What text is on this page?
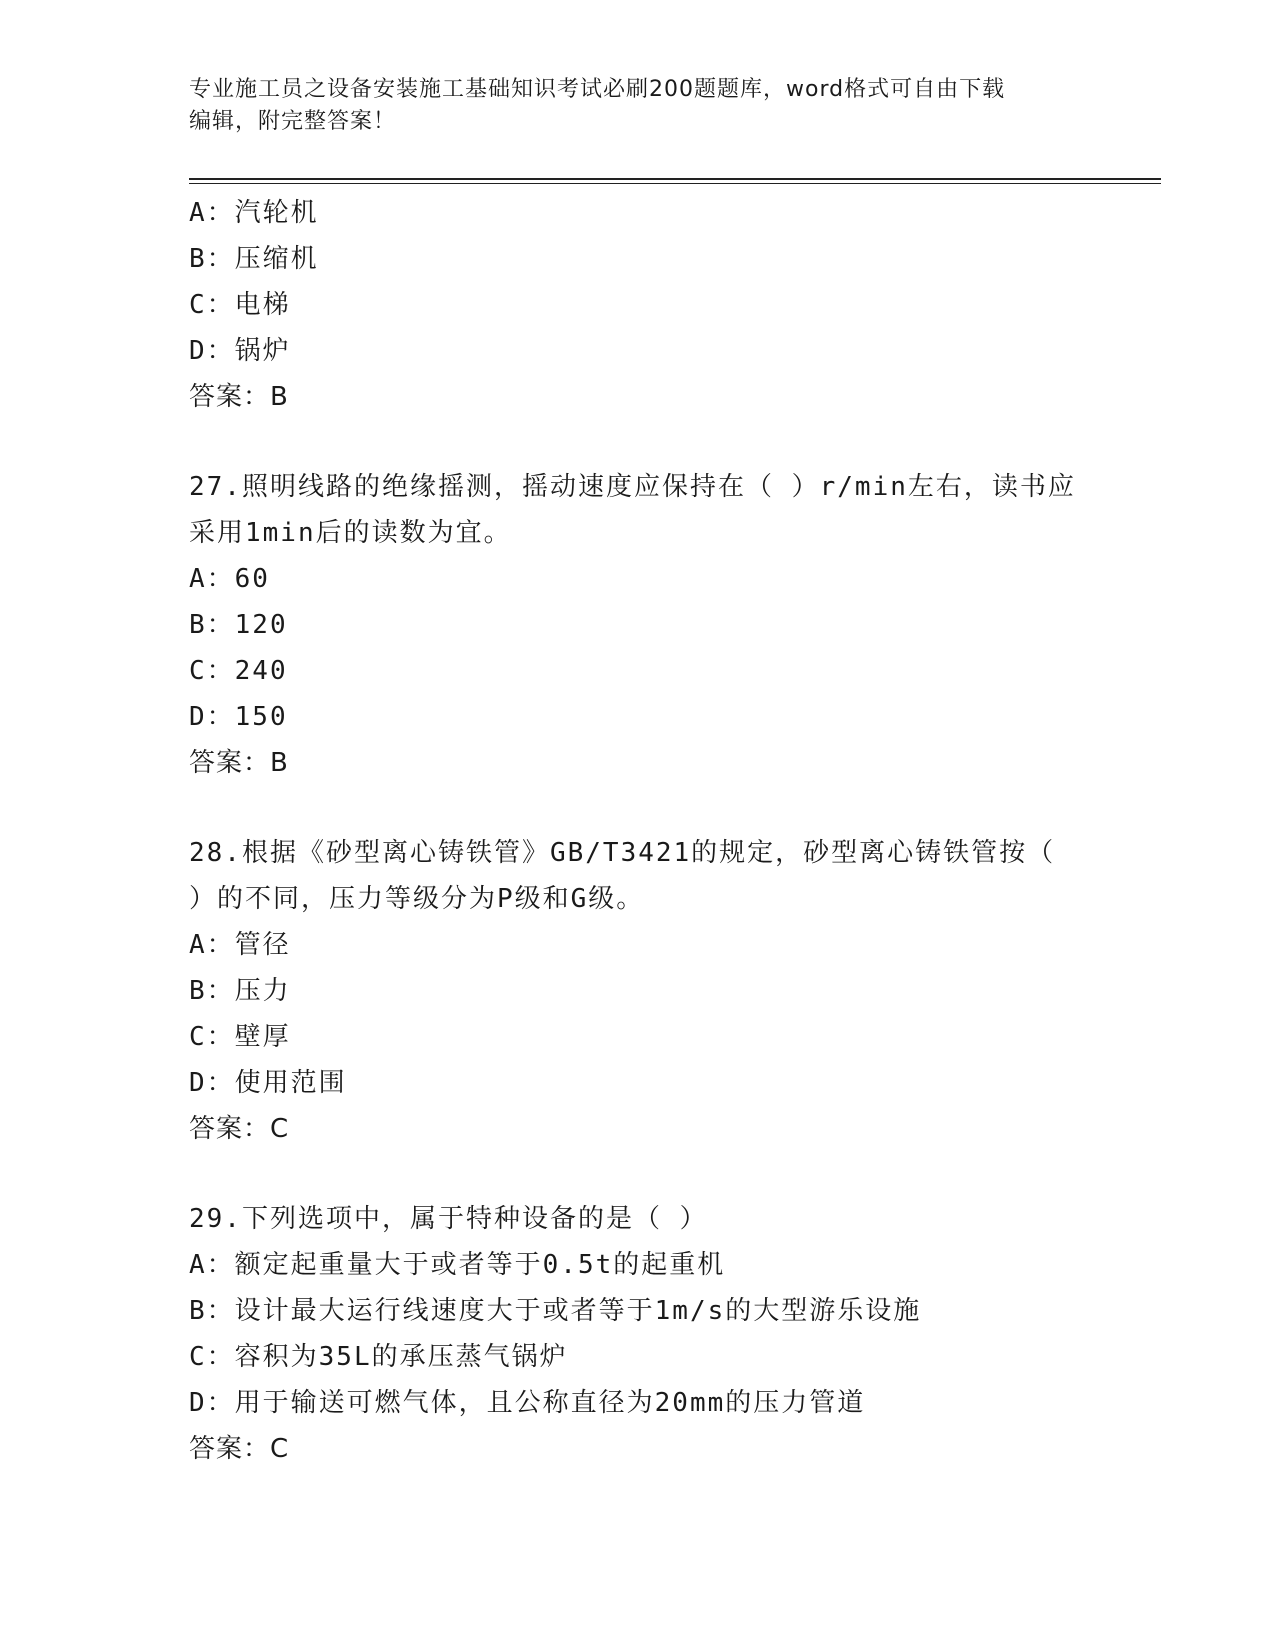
专业施工员之设备安装施工基础知识考试必刷200题题库，word格式可自由下载
编辑，附完整答案！
A：汽轮机
B：压缩机
C：电梯
D：锅炉
答案：B
27.照明线路的绝缘摇测，摇动速度应保持在（ ）r/min左右，读书应
采用1min后的读数为宜。
A：60
B：120
C：240
D：150
答案：B
28.根据《砂型离心铸铁管》GB/T3421的规定，砂型离心铸铁管按（
）的不同，压力等级分为P级和G级。
A：管径
B：压力
C：壁厚
D：使用范围
答案：C
29.下列选项中，属于特种设备的是（ ）
A：额定起重量大于或者等于0.5t的起重机
B：设计最大运行线速度大于或者等于1m/s的大型游乐设施
C：容积为35L的承压蒸气锅炉
D：用于输送可燃气体，且公称直径为20mm的压力管道
答案：C
